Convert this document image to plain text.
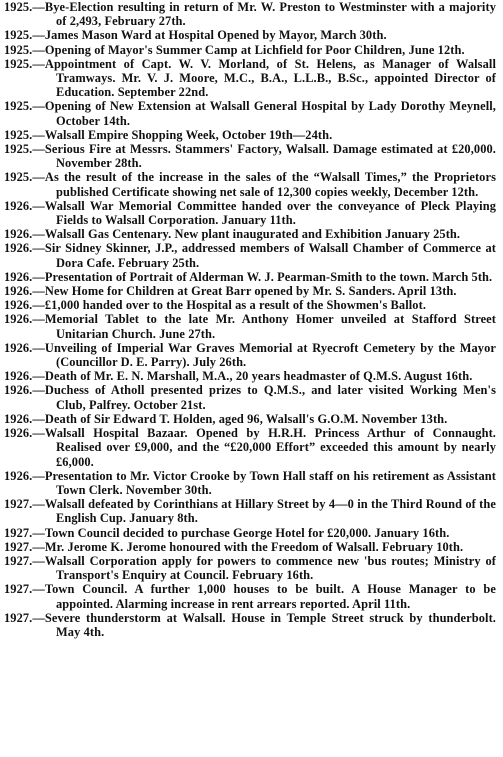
1925.—Bye-Election resulting in return of Mr. W. Preston to Westminster with a majority of 2,493, February 27th.

1925.—James Mason Ward at Hospital Opened by Mayor, March 30th.

1925.—Opening of Mayor's Summer Camp at Lichfield for Poor Children, June 12th.

1925.—Appointment of Capt. W. V. Morland, of St. Helens, as Manager of Walsall Tramways. Mr. V. J. Moore, M.C., B.A., L.L.B., B.Sc., appointed Director of Education. September 22nd.

1925.—Opening of New Extension at Walsall General Hospital by Lady Dorothy Meynell, October 14th.

1925.—Walsall Empire Shopping Week, October 19th—24th.

1925.—Serious Fire at Messrs. Stammers' Factory, Walsall. Damage estimated at £20,000. November 28th.

1925.—As the result of the increase in the sales of the “Walsall Times,” the Proprietors published Certificate showing net sale of 12,300 copies weekly, December 12th.

1926.—Walsall War Memorial Committee handed over the conveyance of Pleck Playing Fields to Walsall Corporation. January 11th.

1926.—Walsall Gas Centenary. New plant inaugurated and Exhibition January 25th.

1926.—Sir Sidney Skinner, J.P., addressed members of Walsall Chamber of Commerce at Dora Cafe. February 25th.

1926.—Presentation of Portrait of Alderman W. J. Pearman-Smith to the town. March 5th.

1926.—New Home for Children at Great Barr opened by Mr. S. Sanders. April 13th.

1926.—£1,000 handed over to the Hospital as a result of the Showmen's Ballot.

1926.—Memorial Tablet to the late Mr. Anthony Homer unveiled at Stafford Street Unitarian Church. June 27th.

1926.—Unveiling of Imperial War Graves Memorial at Ryecroft Cemetery by the Mayor (Councillor D. E. Parry). July 26th.

1926.—Death of Mr. E. N. Marshall, M.A., 20 years headmaster of Q.M.S. August 16th.

1926.—Duchess of Atholl presented prizes to Q.M.S., and later visited Working Men's Club, Palfrey. October 21st.

1926.—Death of Sir Edward T. Holden, aged 96, Walsall's G.O.M. November 13th.

1926.—Walsall Hospital Bazaar. Opened by H.R.H. Princess Arthur of Connaught. Realised over £9,000, and the “£20,000 Effort” exceeded this amount by nearly £6,000.

1926.—Presentation to Mr. Victor Crooke by Town Hall staff on his retirement as Assistant Town Clerk. November 30th.

1927.—Walsall defeated by Corinthians at Hillary Street by 4—0 in the Third Round of the English Cup. January 8th.

1927.—Town Council decided to purchase George Hotel for £20,000. January 16th.

1927.—Mr. Jerome K. Jerome honoured with the Freedom of Walsall. February 10th.

1927.—Walsall Corporation apply for powers to commence new 'bus routes; Ministry of Transport's Enquiry at Council. February 16th.

1927.—Town Council. A further 1,000 houses to be built. A House Manager to be appointed. Alarming increase in rent arrears reported. April 11th.

1927.—Severe thunderstorm at Walsall. House in Temple Street struck by thunderbolt. May 4th.
